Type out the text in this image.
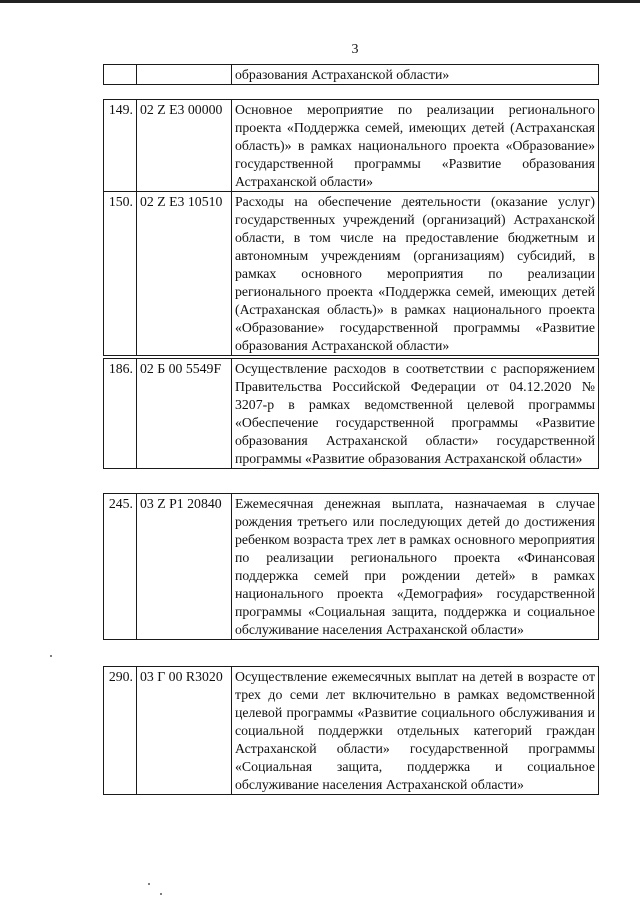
3
		образования Астраханской области»
149.	02 Z Е3 00000	Основное мероприятие по реализации регионального проекта «Поддержка семей, имеющих детей (Астраханская область)» в рамках национального проекта «Образование» государственной программы «Развитие образования Астраханской области»
150.	02 Z Е3 10510	Расходы на обеспечение деятельности (оказание услуг) государственных учреждений (организаций) Астраханской области, в том числе на предоставление бюджетным и автономным учреждениям (организациям) субсидий, в рамках основного мероприятия по реализации регионального проекта «Поддержка семей, имеющих детей (Астраханская область)» в рамках национального проекта «Образование» государственной программы «Развитие образования Астраханской области»
186.	02 Б 00 5549F	Осуществление расходов в соответствии с распоряжением Правительства Российской Федерации от 04.12.2020 № 3207-р в рамках ведомственной целевой программы «Обеспечение государственной программы «Развитие образования Астраханской области» государственной программы «Развитие образования Астраханской области»
245.	03 Z Р1 20840	Ежемесячная денежная выплата, назначаемая в случае рождения третьего или последующих детей до достижения ребенком возраста трех лет в рамках основного мероприятия по реализации регионального проекта «Финансовая поддержка семей при рождении детей» в рамках национального проекта «Демография» государственной программы «Социальная защита, поддержка и социальное обслуживание населения Астраханской области»
290.	03 Г 00 R3020	Осуществление ежемесячных выплат на детей в возрасте от трех до семи лет включительно в рамках ведомственной целевой программы «Развитие социального обслуживания и социальной поддержки отдельных категорий граждан Астраханской области» государственной программы «Социальная защита, поддержка и социальное обслуживание населения Астраханской области»
